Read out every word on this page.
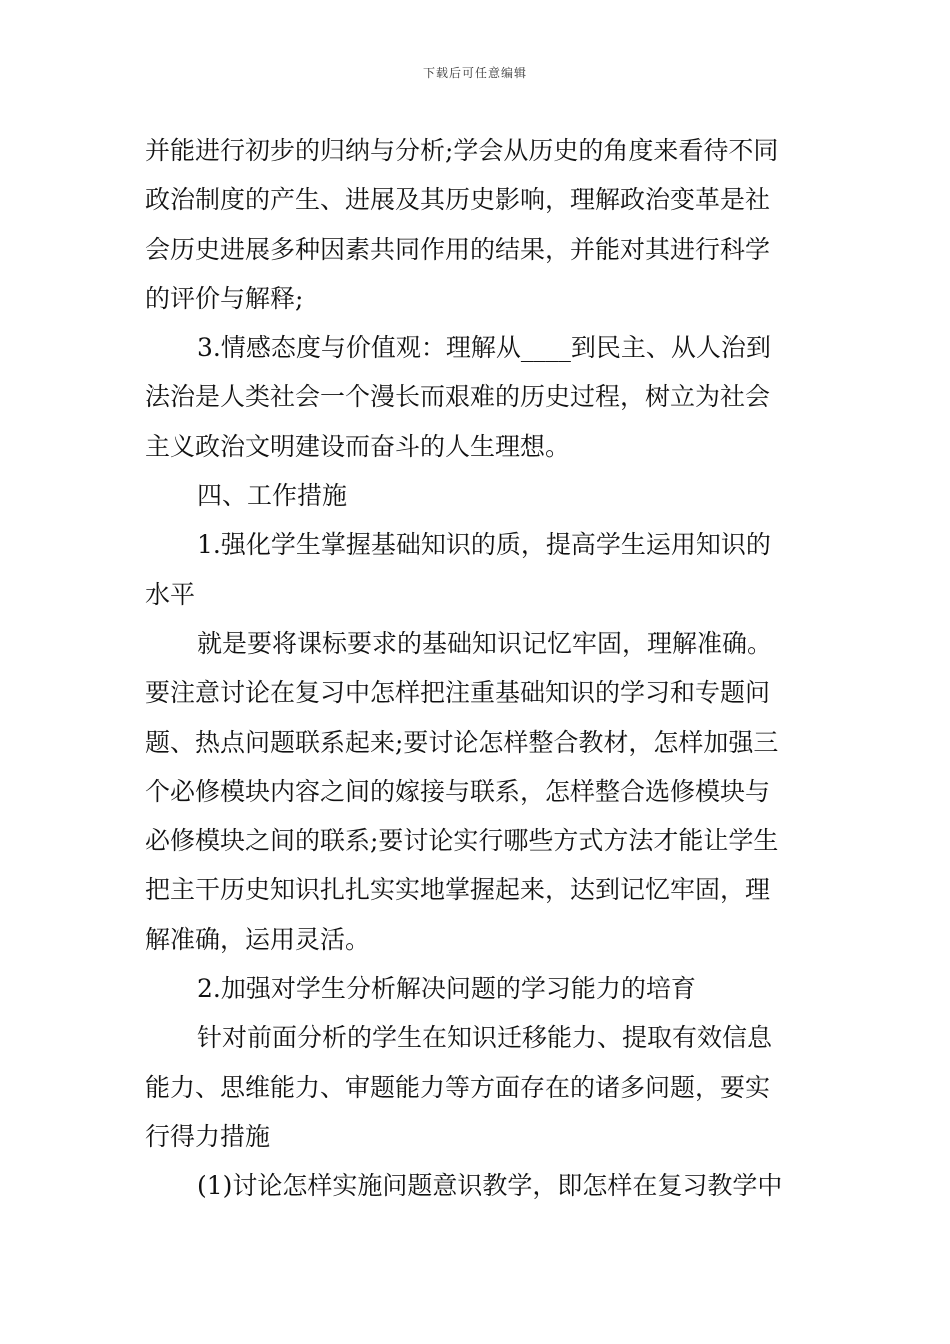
下载后可任意编辑
并能进行初步的归纳与分析;学会从历史的角度来看待不同
政治制度的产生、进展及其历史影响，理解政治变革是社
会历史进展多种因素共同作用的结果，并能对其进行科学
的评价与解释;
3.情感态度与价值观：理解从____到民主、从人治到
法治是人类社会一个漫长而艰难的历史过程，树立为社会
主义政治文明建设而奋斗的人生理想。
四、工作措施
1.强化学生掌握基础知识的质，提高学生运用知识的
水平
就是要将课标要求的基础知识记忆牢固，理解准确。
要注意讨论在复习中怎样把注重基础知识的学习和专题问
题、热点问题联系起来;要讨论怎样整合教材，怎样加强三
个必修模块内容之间的嫁接与联系，怎样整合选修模块与
必修模块之间的联系;要讨论实行哪些方式方法才能让学生
把主干历史知识扎扎实实地掌握起来，达到记忆牢固，理
解准确，运用灵活。
2.加强对学生分析解决问题的学习能力的培育
针对前面分析的学生在知识迁移能力、提取有效信息
能力、思维能力、审题能力等方面存在的诸多问题，要实
行得力措施
(1)讨论怎样实施问题意识教学，即怎样在复习教学中
